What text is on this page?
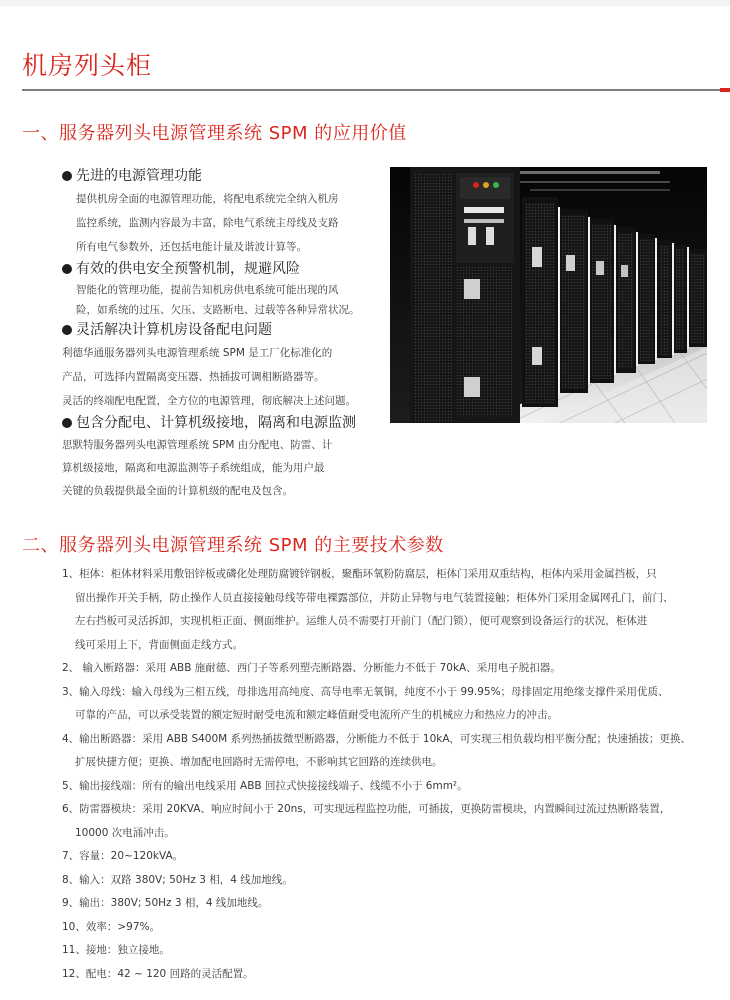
机房列头柜
一、服务器列头电源管理系统 SPM 的应用价值
先进的电源管理功能
提供机房全面的电源管理功能，将配电系统完全纳入机房
监控系统，监测内容最为丰富，除电气系统主母线及支路
所有电气参数外，还包括电能计量及谐波计算等。
有效的供电安全预警机制，规避风险
智能化的管理功能，提前告知机房供电系统可能出现的风
险，如系统的过压、欠压、支路断电、过载等各种异常状况。
灵活解决计算机房设备配电问题
利德华通服务器列头电源管理系统 SPM 是工厂化标准化的
产品，可选择内置隔离变压器、热插拔可调相断路器等。
灵活的终端配电配置，全方位的电源管理，彻底解决上述问题。
包含分配电、计算机级接地，隔离和电源监测
思默特服务器列头电源管理系统 SPM 由分配电、防雷、计
算机级接地，隔离和电源监测等子系统组成，能为用户最
关键的负载提供最全面的计算机级的配电及包含。
二、服务器列头电源管理系统 SPM 的主要技术参数
1、柜体：柜体材料采用敷铝锌板或磷化处理防腐镀锌钢板，聚酯环氧粉防腐层，柜体门采用双重结构，柜体内采用金属挡板，只
留出操作开关手柄，防止操作人员直接接触母线等带电裸露部位，并防止异物与电气装置接触；柜体外门采用金属网孔门，前门、
左右挡板可灵活拆卸，实现机柜正面、侧面维护。运维人员不需要打开前门（配门锁），便可观察到设备运行的状况，柜体进
线可采用上下，背面侧面走线方式。
2、 输入断路器：采用 ABB 施耐德、西门子等系列塑壳断路器、分断能力不低于 70kA、采用电子脱扣器。
3、输入母线：输入母线为三相五线，母排选用高纯度、高导电率无氧铜，纯度不小于 99.95%；母排固定用绝缘支撑件采用优质、
可靠的产品，可以承受装置的额定短时耐受电流和额定峰值耐受电流所产生的机械应力和热应力的冲击。
4、输出断路器：采用 ABB S400M 系列热插拔微型断路器，分断能力不低于 10kA，可实现三相负载均相平衡分配；快速插拔；更换、
扩展快捷方便；更换、增加配电回路时无需停电，不影响其它回路的连续供电。
5、输出接线端：所有的输出电线采用 ABB 回拉式快接接线端子、线缆不小于 6mm²。
6、防雷器模块：采用 20KVA、响应时间小于 20ns，可实现远程监控功能，可插拔，更换防雷模块，内置瞬间过流过热断路装置，
10000 次电涌冲击。
7、容量：20~120kVA。
8、输入：双路 380V; 50Hz 3 相，4 线加地线。
9、输出：380V; 50Hz 3 相，4 线加地线。
10、效率：>97%。
11、接地：独立接地。
12、配电：42 ~ 120 回路的灵活配置。
